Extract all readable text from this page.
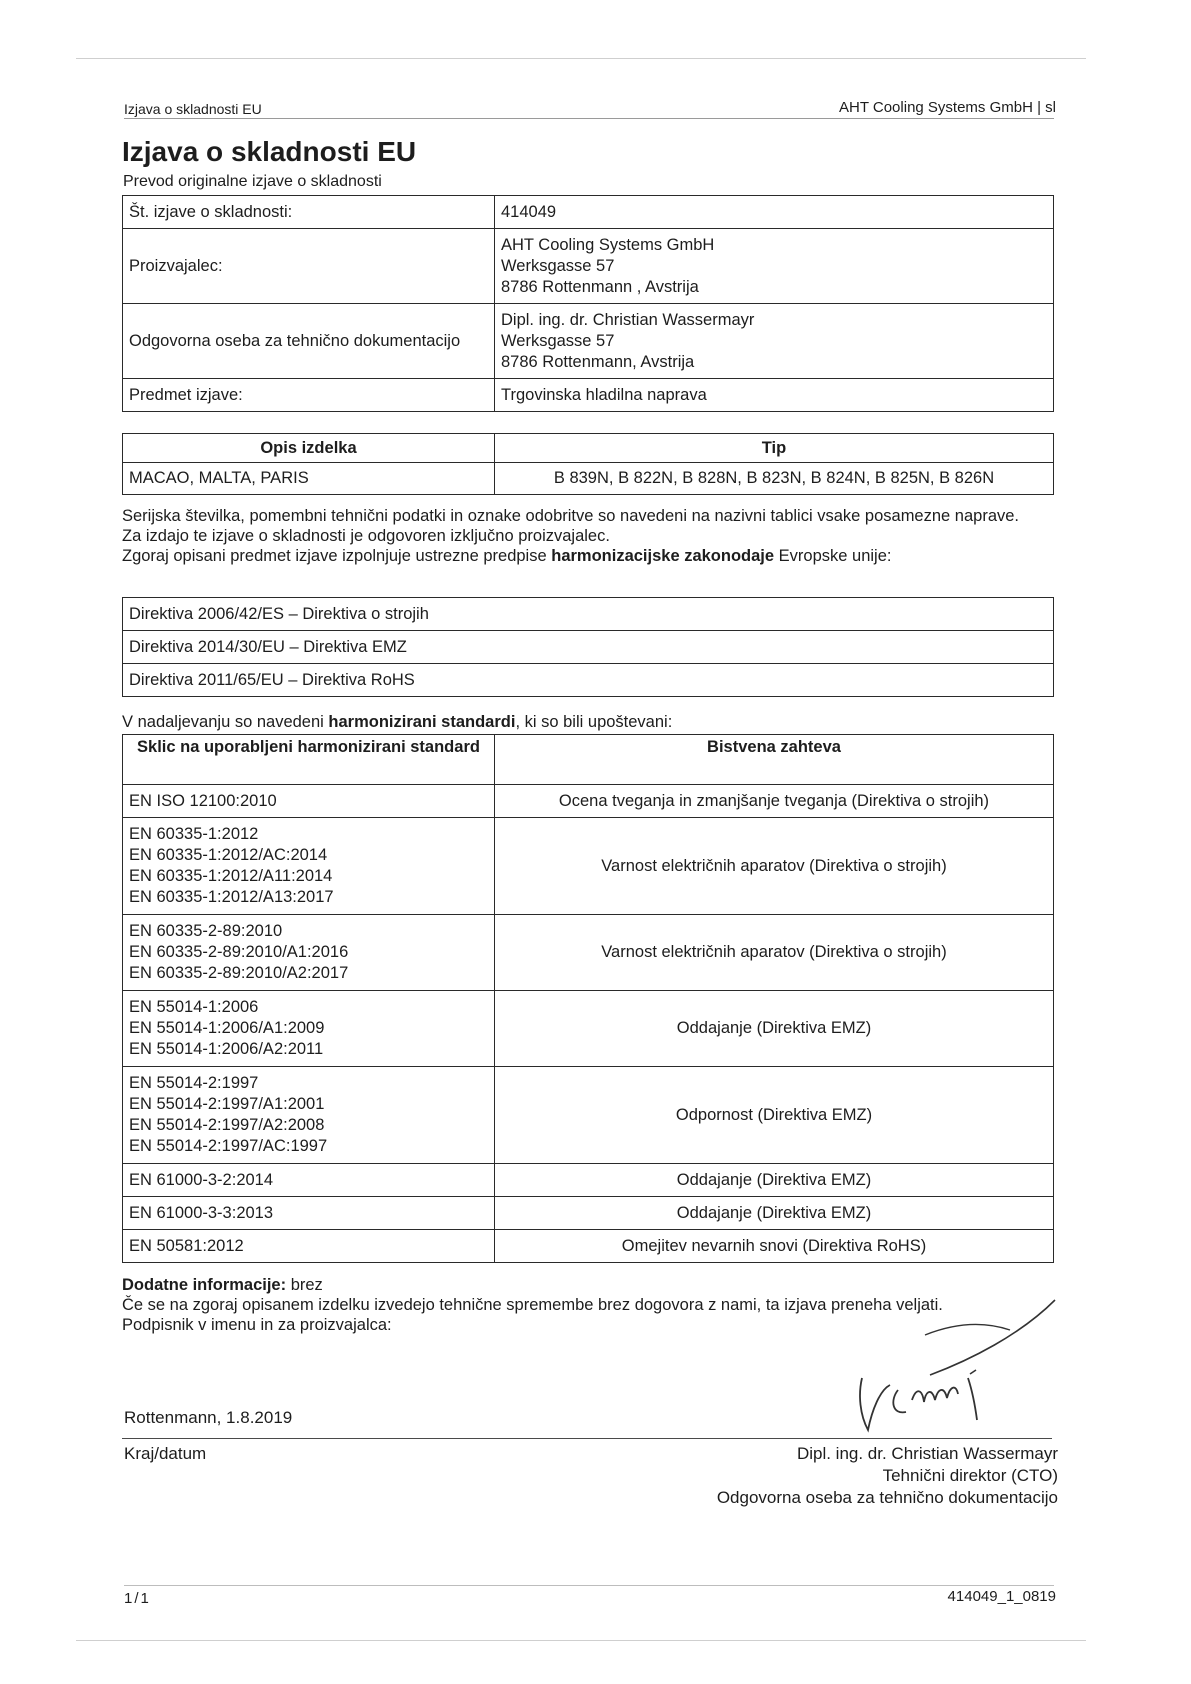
Izjava o skladnosti EU	AHT Cooling Systems GmbH | sl
Izjava o skladnosti EU
Prevod originalne izjave o skladnosti
Št. izjave o skladnosti:	414049
Proizvajalec:	AHT Cooling Systems GmbH
Werksgasse 57
8786 Rottenmann , Avstrija

Odgovorna oseba za tehnično dokumentacijo	Dipl. ing. dr. Christian Wassermayr
Werksgasse 57
8786 Rottenmann, Avstrija

Predmet izjave:	Trgovinska hladilna naprava
Opis izdelka	Tip
MACAO, MALTA, PARIS	B 839N, B 822N, B 828N, B 823N, B 824N, B 825N, B 826N

Serijska številka, pomembni tehnični podatki in oznake odobritve so navedeni na nazivni tablici vsake posamezne naprave.

Za izdajo te izjave o skladnosti je odgovoren izključno proizvajalec.

Zgoraj opisani predmet izjave izpolnjuje ustrezne predpise harmonizacijske zakonodaje Evropske unije:

Direktiva 2006/42/ES – Direktiva o strojih
Direktiva 2014/30/EU – Direktiva EMZ
Direktiva 2011/65/EU – Direktiva RoHS
V nadaljevanju so navedeni harmonizirani standardi, ki so bili upoštevani:
Sklic na uporabljeni harmonizirani standard	Bistvena zahteva

EN ISO 12100:2010	Ocena tveganja in zmanjšanje tveganja (Direktiva o strojih)

EN 60335-1:2012
EN 60335-1:2012/AC:2014
EN 60335-1:2012/A11:2014
EN 60335-1:2012/A13:2017	Varnost električnih aparatov (Direktiva o strojih)

EN 60335-2-89:2010
EN 60335-2-89:2010/A1:2016
EN 60335-2-89:2010/A2:2017	Varnost električnih aparatov (Direktiva o strojih)

EN 55014-1:2006
EN 55014-1:2006/A1:2009
EN 55014-1:2006/A2:2011	Oddajanje (Direktiva EMZ)

EN 55014-2:1997
EN 55014-2:1997/A1:2001
EN 55014-2:1997/A2:2008
EN 55014-2:1997/AC:1997	Odpornost (Direktiva EMZ)

EN 61000-3-2:2014	Oddajanje (Direktiva EMZ)

EN 61000-3-3:2013	Oddajanje (Direktiva EMZ)

EN 50581:2012	Omejitev nevarnih snovi (Direktiva RoHS)

Dodatne informacije: brez

Če se na zgoraj opisanem izdelku izvedejo tehnične spremembe brez dogovora z nami, ta izjava preneha veljati.

Podpisnik v imenu in za proizvajalca:

Rottenmann, 1.8.2019
Kraj/datum	Dipl. ing. dr. Christian Wassermayr
Tehnični direktor (CTO)
Odgovorna oseba za tehnično dokumentacijo
1/1	414049_1_0819
